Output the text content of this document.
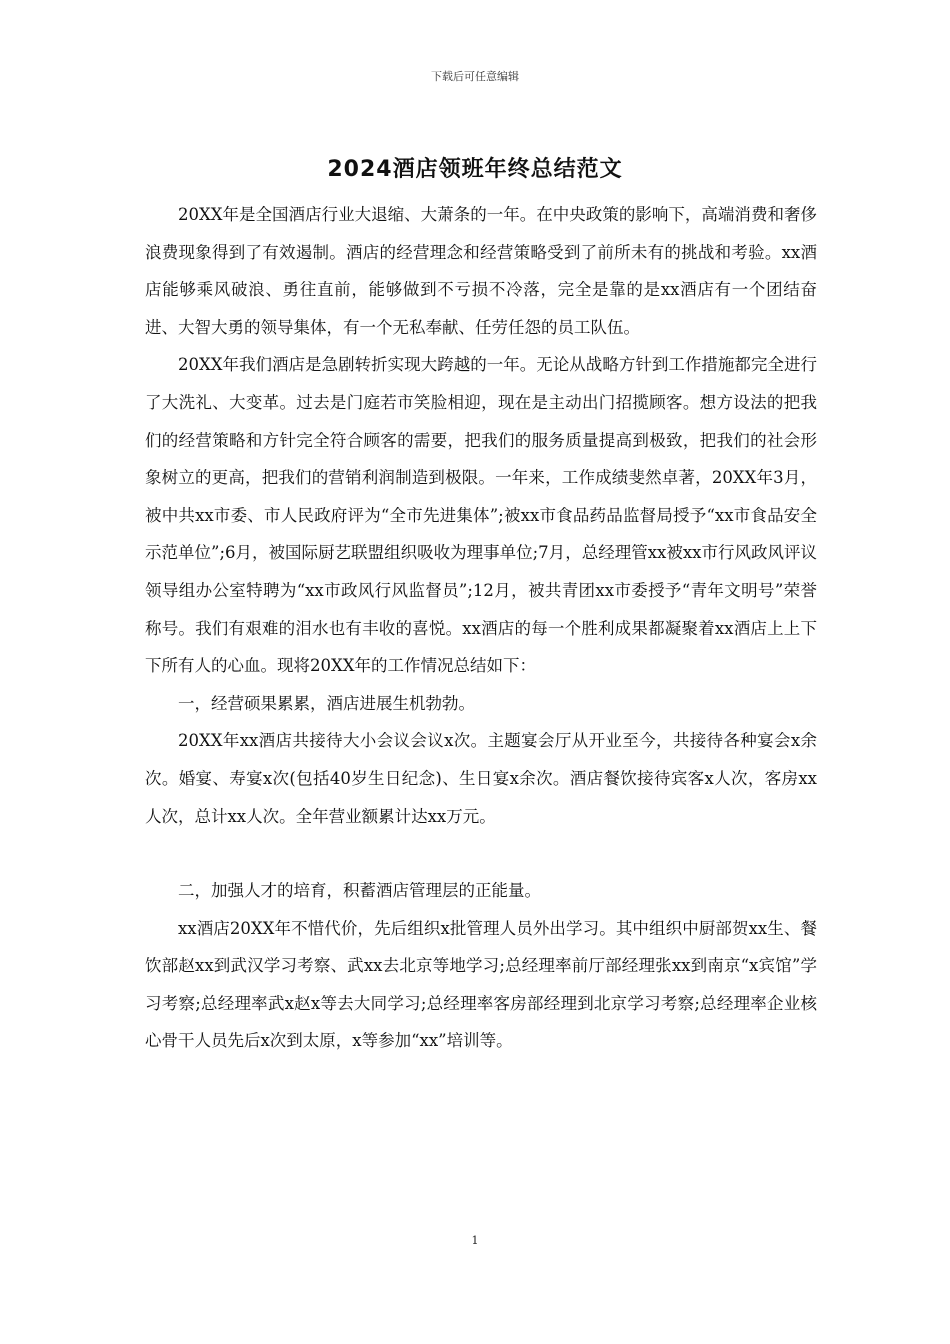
下载后可任意编辑
2024酒店领班年终总结范文

20XX年是全国酒店行业大退缩、大萧条的一年。在中央政策的影响下，高端消费和奢侈浪费现象得到了有效遏制。酒店的经营理念和经营策略受到了前所未有的挑战和考验。xx酒店能够乘风破浪、勇往直前，能够做到不亏损不冷落，完全是靠的是xx酒店有一个团结奋进、大智大勇的领导集体，有一个无私奉献、任劳任怨的员工队伍。

20XX年我们酒店是急剧转折实现大跨越的一年。无论从战略方针到工作措施都完全进行了大洗礼、大变革。过去是门庭若市笑脸相迎，现在是主动出门招揽顾客。想方设法的把我们的经营策略和方针完全符合顾客的需要，把我们的服务质量提高到极致，把我们的社会形象树立的更高，把我们的营销利润制造到极限。一年来，工作成绩斐然卓著，20XX年3月，被中共xx市委、市人民政府评为“全市先进集体”;被xx市食品药品监督局授予“xx市食品安全示范单位”;6月，被国际厨艺联盟组织吸收为理事单位;7月，总经理管xx被xx市行风政风评议领导组办公室特聘为“xx市政风行风监督员”;12月，被共青团xx市委授予“青年文明号”荣誉称号。我们有艰难的泪水也有丰收的喜悦。xx酒店的每一个胜利成果都凝聚着xx酒店上上下下所有人的心血。现将20XX年的工作情况总结如下：

一，经营硕果累累，酒店进展生机勃勃。

20XX年xx酒店共接待大小会议会议x次。主题宴会厅从开业至今，共接待各种宴会x余次。婚宴、寿宴x次(包括40岁生日纪念)、生日宴x余次。酒店餐饮接待宾客x人次，客房xx人次，总计xx人次。全年营业额累计达xx万元。

二，加强人才的培育，积蓄酒店管理层的正能量。

xx酒店20XX年不惜代价，先后组织x批管理人员外出学习。其中组织中厨部贺xx生、餐饮部赵xx到武汉学习考察、武xx去北京等地学习;总经理率前厅部经理张xx到南京“x宾馆”学习考察;总经理率武x赵x等去大同学习;总经理率客房部经理到北京学习考察;总经理率企业核心骨干人员先后x次到太原，x等参加“xx”培训等。

1
